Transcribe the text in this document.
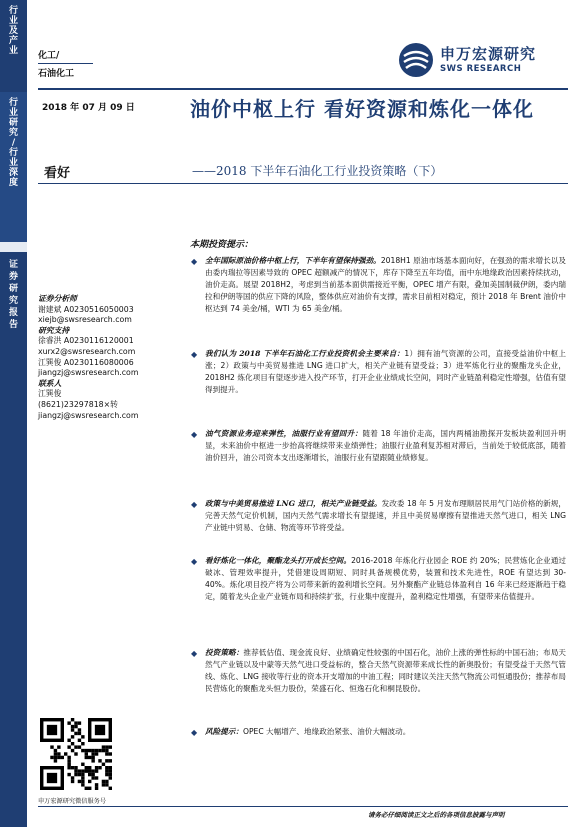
行
业
及
产
业
行
业
研
究
/
行
业
深
度
证
券
研
究
报
告
化工/
石油化工
申万宏源研究
SWS RESEARCH
2018 年 07 月 09 日	油价中枢上行 看好资源和炼化一体化
看好	——2018 下半年石油化工行业投资策略（下）
证券分析师
谢建斌 A0230516050003
xiejb@swsresearch.com
研究支持
徐睿洪 A0230116120001
xurx2@swsresearch.com
江巽俊 A0230116080006
jiangzj@swsresearch.com
联系人
江巽俊
(8621)23297818×转
jiangzj@swsresearch.com
本期投资提示：
◆ 全年国际原油价格中枢上行，下半年有望保持强劲。2018H1 原油市场基本面向好，在强劲的需求增长以及由委内瑞拉等因素导致的 OPEC 超额减产的情况下，库存下降至五年均值，而中东地缘政治因素持续扰动，油价走高。展望 2018H2，考虑到当前基本面供需接近平衡，OPEC 增产有限，叠加美国制裁伊朗，委内瑞拉和伊朗等国的供应下降的风险，整体供应对油价有支撑，需求目前相对稳定，预计 2018 年 Brent 油价中枢达到 74 美金/桶，WTI 为 65 美金/桶。
◆ 我们认为 2018 下半年石油化工行业投资机会主要来自：1）拥有油气资源的公司，直接受益油价中枢上涨；2）政策与中美贸易推进 LNG 进口扩大，相关产业链有望受益；3）进军炼化行业的聚酯龙头企业，2018H2 炼化项目有望逐步进入投产环节，打开企业业绩成长空间，同时产业链盈利稳定性增强，估值有望得到提升。
◆ 油气资源业务迎来弹性，油服行业有望回升：随着 18 年油价走高，国内两桶油勘探开发板块盈利回升明显，未来油价中枢进一步抬高将继续带来业绩弹性；油服行业盈利复苏相对滞后，当前处于较低底部，随着油价回升，油公司资本支出逐渐增长，油服行业有望跟随业绩修复。
◆ 政策与中美贸易推进 LNG 进口，相关产业链受益。发改委 18 年 5 月发布理顺居民用气门站价格的新规，完善天然气定价机制，国内天然气需求增长有望提速，并且中美贸易摩擦有望推进天然气进口，相关 LNG 产业链中贸易、仓储、物流等环节将受益。
◆ 看好炼化一体化，聚酯龙头打开成长空间。2016-2018 年炼化行业园企 ROE 约 20%；民营炼化企业通过破冰、管理效率提升，凭借建设周期短、同时具备规模优势，装置和技术先进性，ROE 有望达到 30-40%。炼化项目投产将为公司带来新的盈利增长空间。另外聚酯产业链总体盈利自 16 年来已经逐渐趋于稳定，随着龙头企业产业链布局和持续扩张，行业集中度提升，盈利稳定性增强，有望带来估值提升。
◆ 投资策略：推荐低估值、现金流良好、业绩确定性较强的中国石化，油价上涨的弹性标的中国石油；布局天然气产业链以及中蒙等天然气进口受益标的，整合天然气资源带来成长性的新奥股份；有望受益于天然气管线、炼化、LNG 接收等行业的资本开支增加的中油工程；同时建议关注天然气物流公司恒通股份；推荐布局民营炼化的聚酯龙头恒力股份，荣盛石化、恒逸石化和桐昆股份。
◆ 风险提示：OPEC 大幅增产、地缘政治紧张、油价大幅波动。
申万宏源研究微信服务号
请务必仔细阅读正文之后的各项信息披露与声明
